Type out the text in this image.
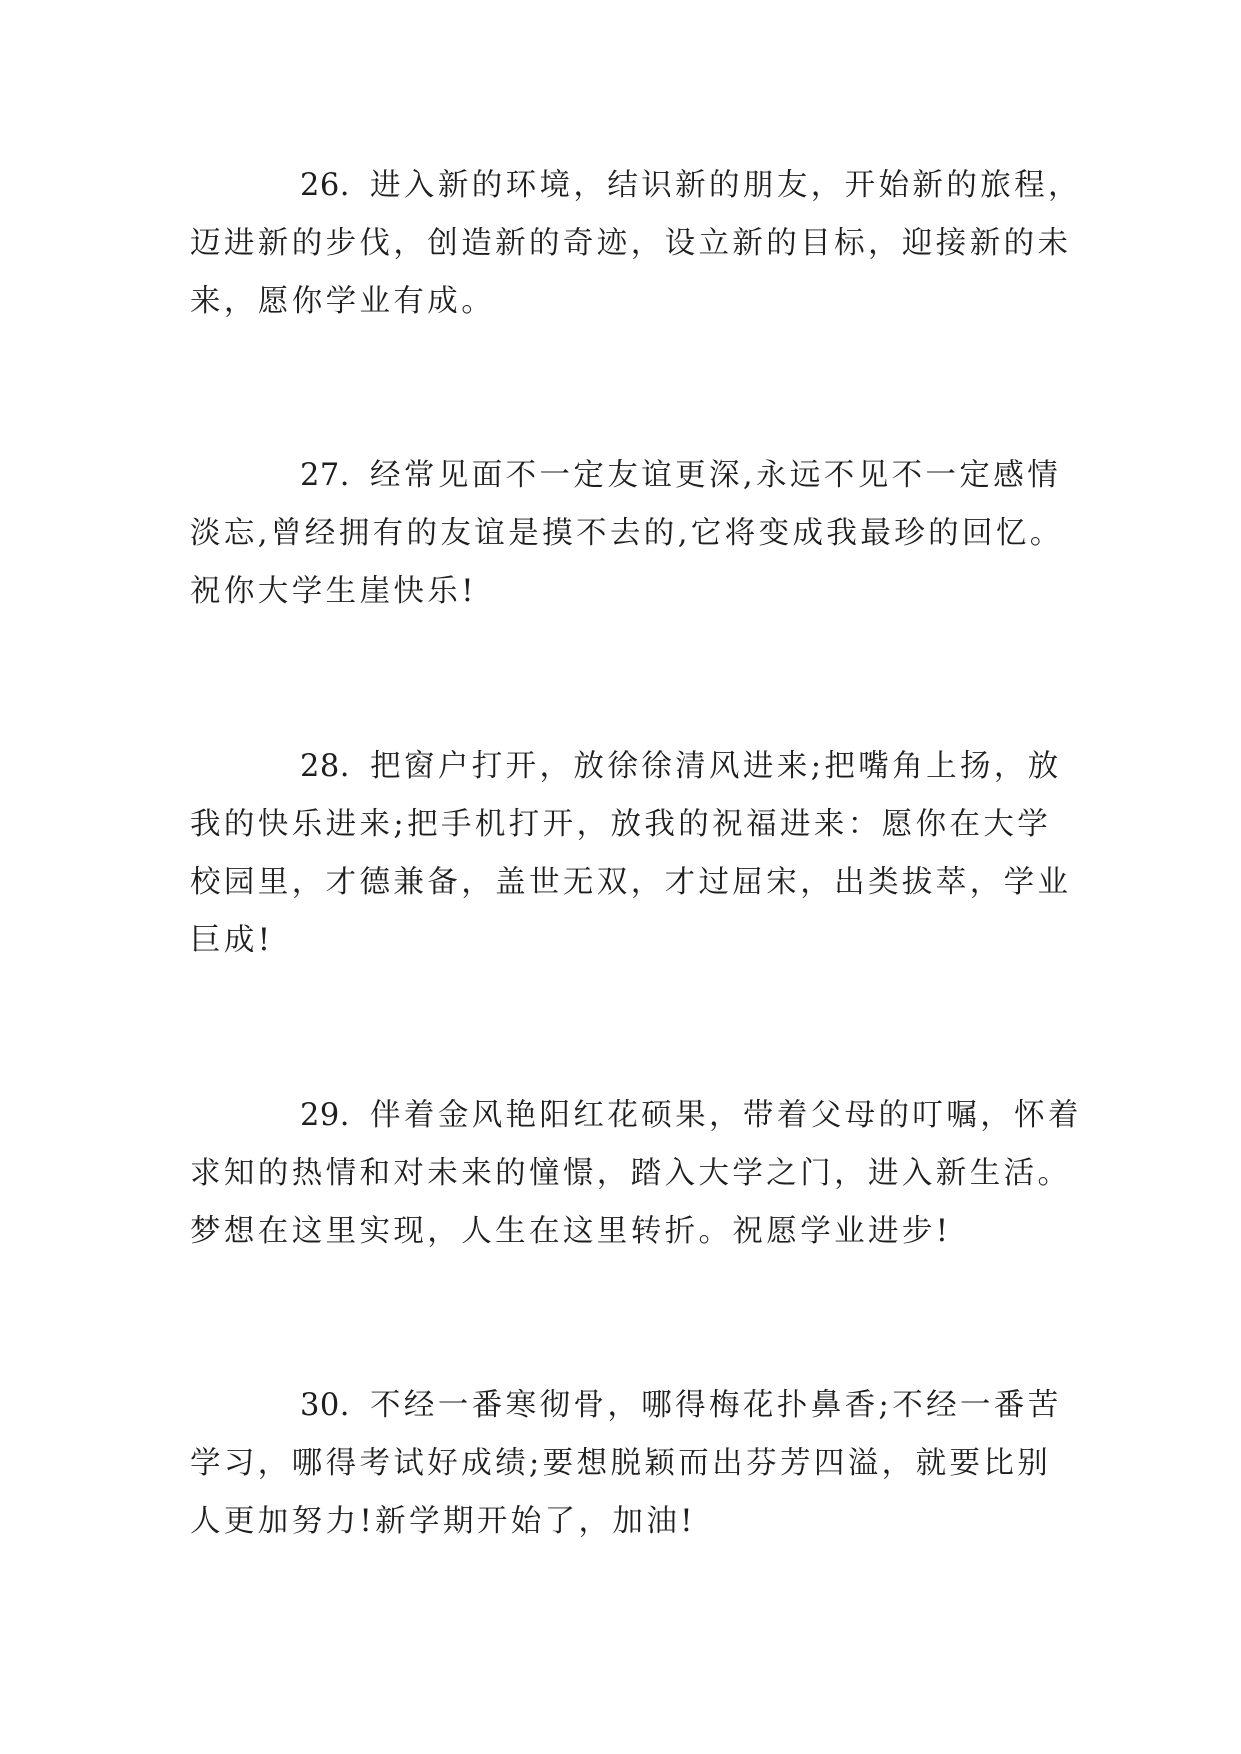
26. 进入新的环境，结识新的朋友，开始新的旅程，
迈进新的步伐，创造新的奇迹，设立新的目标，迎接新的未
来，愿你学业有成。
27. 经常见面不一定友谊更深,永远不见不一定感情
淡忘,曾经拥有的友谊是摸不去的,它将变成我最珍的回忆。
祝你大学生崖快乐!
28. 把窗户打开，放徐徐清风进来;把嘴角上扬，放
我的快乐进来;把手机打开，放我的祝福进来：愿你在大学
校园里，才德兼备，盖世无双，才过屈宋，出类拔萃，学业
巨成!
29. 伴着金风艳阳红花硕果，带着父母的叮嘱，怀着
求知的热情和对未来的憧憬，踏入大学之门，进入新生活。
梦想在这里实现，人生在这里转折。祝愿学业进步!
30. 不经一番寒彻骨，哪得梅花扑鼻香;不经一番苦
学习，哪得考试好成绩;要想脱颖而出芬芳四溢，就要比别
人更加努力!新学期开始了，加油!
